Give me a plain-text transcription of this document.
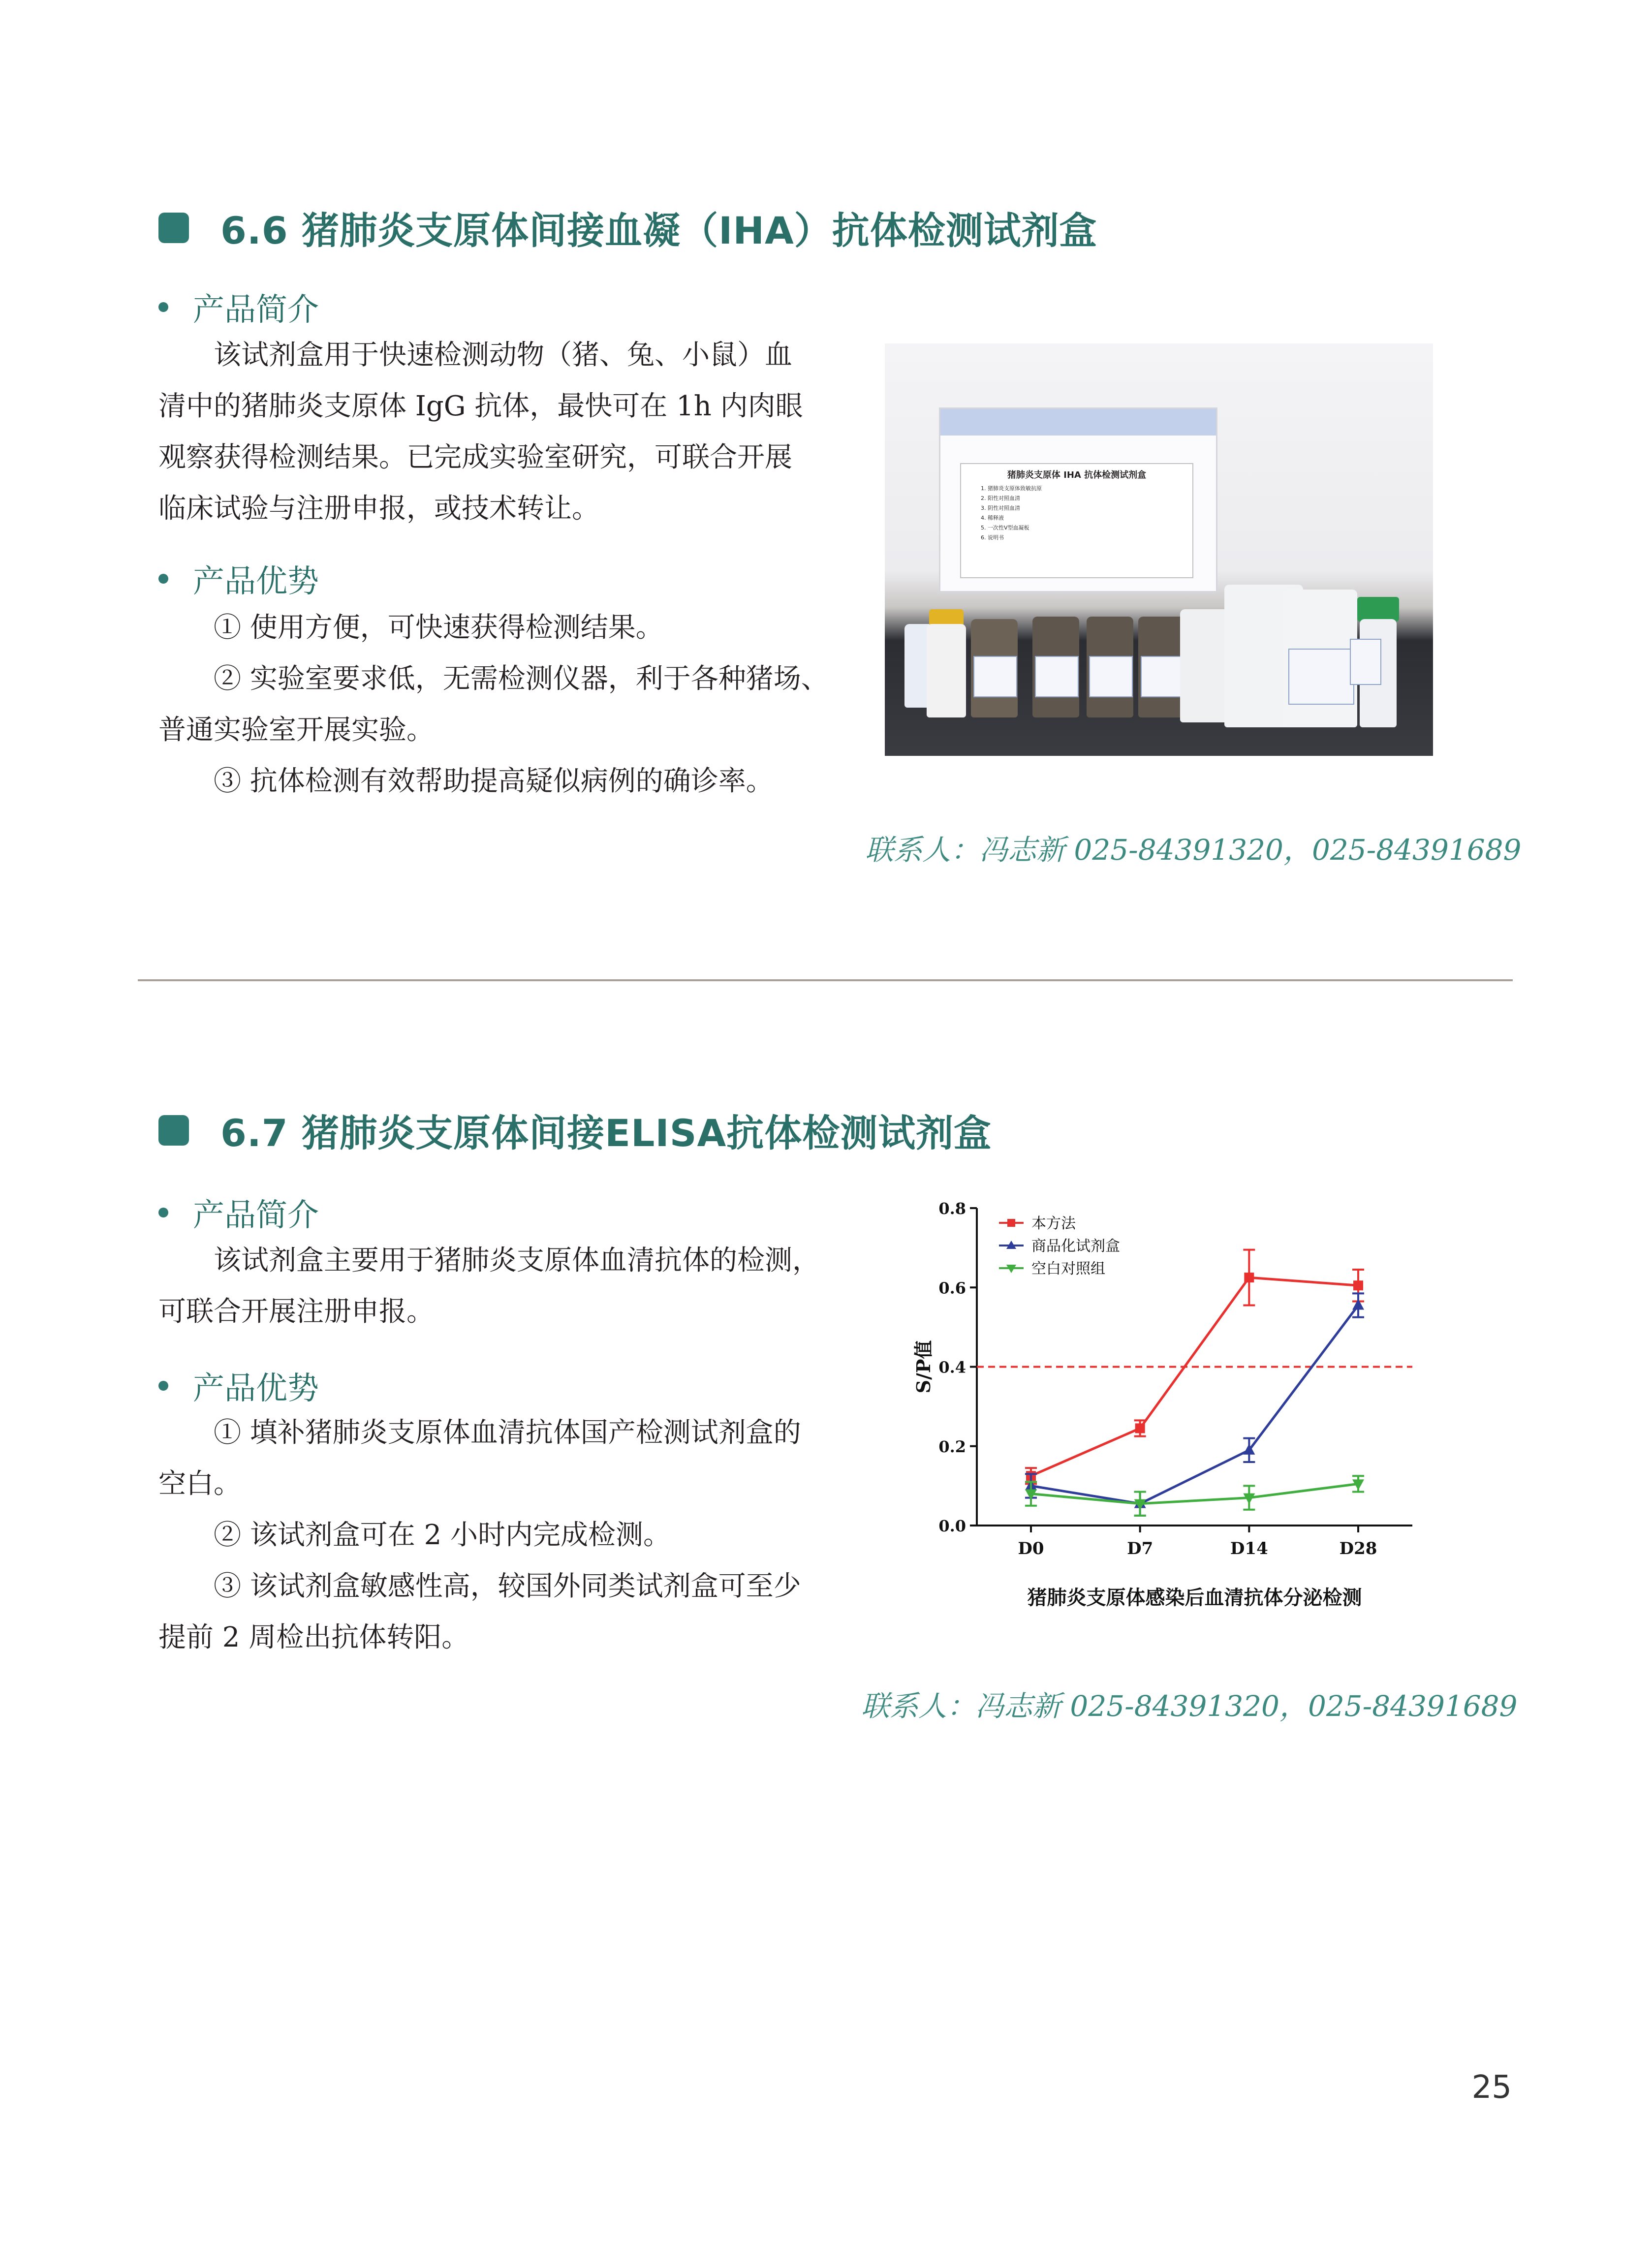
6.6 猪肺炎支原体间接血凝（IHA）抗体检测试剂盒
产品简介
该试剂盒用于快速检测动物（猪、兔、小鼠）血
清中的猪肺炎支原体 IgG 抗体，最快可在 1h 内肉眼
观察获得检测结果。已完成实验室研究，可联合开展
临床试验与注册申报，或技术转让。
产品优势
① 使用方便，可快速获得检测结果。
② 实验室要求低，无需检测仪器，利于各种猪场、
普通实验室开展实验。
③ 抗体检测有效帮助提高疑似病例的确诊率。
猪肺炎支原体 IHA 抗体检测试剂盒
1. 猪肺炎支原体致敏抗原
2. 阳性对照血清
3. 阴性对照血清
4. 稀释液
5. 一次性V型血凝板
6. 说明书
联系人：冯志新 025-84391320，025-84391689
6.7 猪肺炎支原体间接ELISA抗体检测试剂盒
产品简介
该试剂盒主要用于猪肺炎支原体血清抗体的检测，
可联合开展注册申报。
产品优势
① 填补猪肺炎支原体血清抗体国产检测试剂盒的
空白。
② 该试剂盒可在 2 小时内完成检测。
③ 该试剂盒敏感性高，较国外同类试剂盒可至少
提前 2 周检出抗体转阳。
0.0
0.2
0.4
0.6
0.8
D0	D7	D14	D28
S/P值
本方法
商品化试剂盒
空白对照组
猪肺炎支原体感染后血清抗体分泌检测
联系人：冯志新 025-84391320，025-84391689
25
